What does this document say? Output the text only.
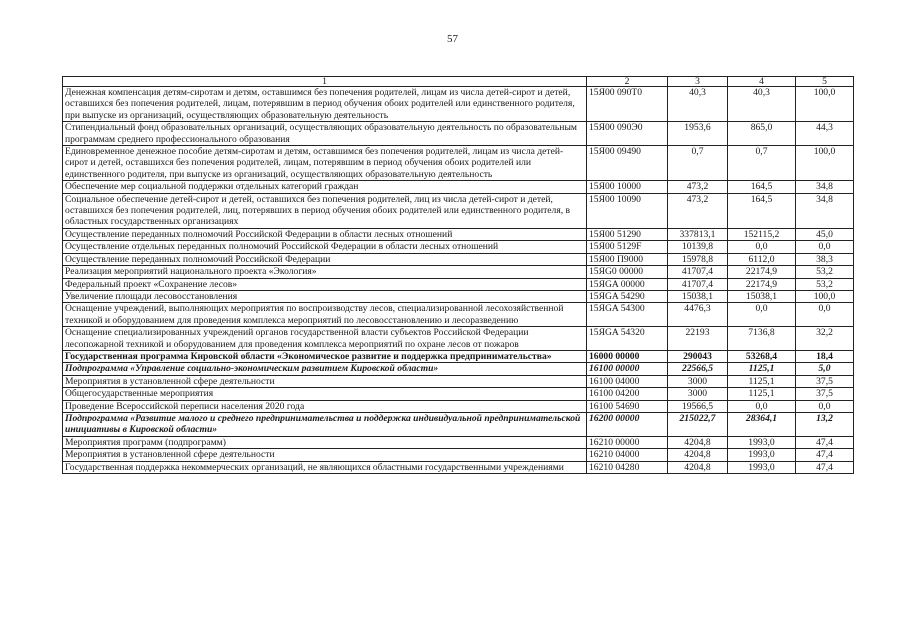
57
1	2	3	4	5
Денежная компенсация детям-сиротам и детям, оставшимся без попечения родителей, лицам из числа детей-сирот и детей, оставшихся без попечения родителей, лицам, потерявшим в период обучения обоих родителей или единственного родителя, при выпуске из организаций, осуществляющих образовательную деятельность	15Я00 090Т0	40,3	40,3	100,0
Стипендиальный фонд образовательных организаций, осуществляющих образовательную деятельность по образовательным программам среднего профессионального образования	15Я00 090Э0	1953,6	865,0	44,3
Единовременное денежное пособие детям-сиротам и детям, оставшимся без попечения родителей, лицам из числа детей-сирот и детей, оставшихся без попечения родителей, лицам, потерявшим в период обучения обоих родителей или единственного родителя, при выпуске из организаций, осуществляющих образовательную деятельность	15Я00 09490	0,7	0,7	100,0
Обеспечение мер социальной поддержки отдельных категорий граждан	15Я00 10000	473,2	164,5	34,8
Социальное обеспечение детей-сирот и детей, оставшихся без попечения родителей, лиц из числа детей-сирот и детей, оставшихся без попечения родителей, лиц, потерявших в период обучения обоих родителей или единственного родителя, в областных государственных организациях	15Я00 10090	473,2	164,5	34,8
Осуществление переданных полномочий Российской Федерации в области лесных отношений	15Я00 51290	337813,1	152115,2	45,0
Осуществление отдельных переданных полномочий Российской Федерации в области лесных отношений	15Я00 5129F	10139,8	0,0	0,0
Осуществление переданных полномочий Российской Федерации	15Я00 П9000	15978,8	6112,0	38,3
Реализация мероприятий национального проекта «Экология»	15ЯG0 00000	41707,4	22174,9	53,2
Федеральный проект «Сохранение лесов»	15ЯGA 00000	41707,4	22174,9	53,2
Увеличение площади лесовосстановления	15ЯGA 54290	15038,1	15038,1	100,0
Оснащение учреждений, выполняющих мероприятия по воспроизводству лесов, специализированной лесохозяйственной техникой и оборудованием для проведения комплекса мероприятий по лесовосстановлению и лесоразведению	15ЯGA 54300	4476,3	0,0	0,0
Оснащение специализированных учреждений органов государственной власти субъектов Российской Федерации лесопожарной техникой и оборудованием для проведения комплекса мероприятий по охране лесов от пожаров	15ЯGA 54320	22193	7136,8	32,2
Государственная программа Кировской области «Экономическое развитие и поддержка предпринимательства»	16000 00000	290043	53268,4	18,4
Подпрограмма «Управление социально-экономическим развитием Кировской области»	16100 00000	22566,5	1125,1	5,0
Мероприятия в установленной сфере деятельности	16100 04000	3000	1125,1	37,5
Общегосударственные мероприятия	16100 04200	3000	1125,1	37,5
Проведение Всероссийской переписи населения 2020 года	16100 54690	19566,5	0,0	0,0
Подпрограмма «Развитие малого и среднего предпринимательства и поддержка индивидуальной предпринимательской инициативы в Кировской области»	16200 00000	215022,7	28364,1	13,2
Мероприятия программ (подпрограмм)	16210 00000	4204,8	1993,0	47,4
Мероприятия в установленной сфере деятельности	16210 04000	4204,8	1993,0	47,4
Государственная поддержка некоммерческих организаций, не являющихся областными государственными учреждениями	16210 04280	4204,8	1993,0	47,4
